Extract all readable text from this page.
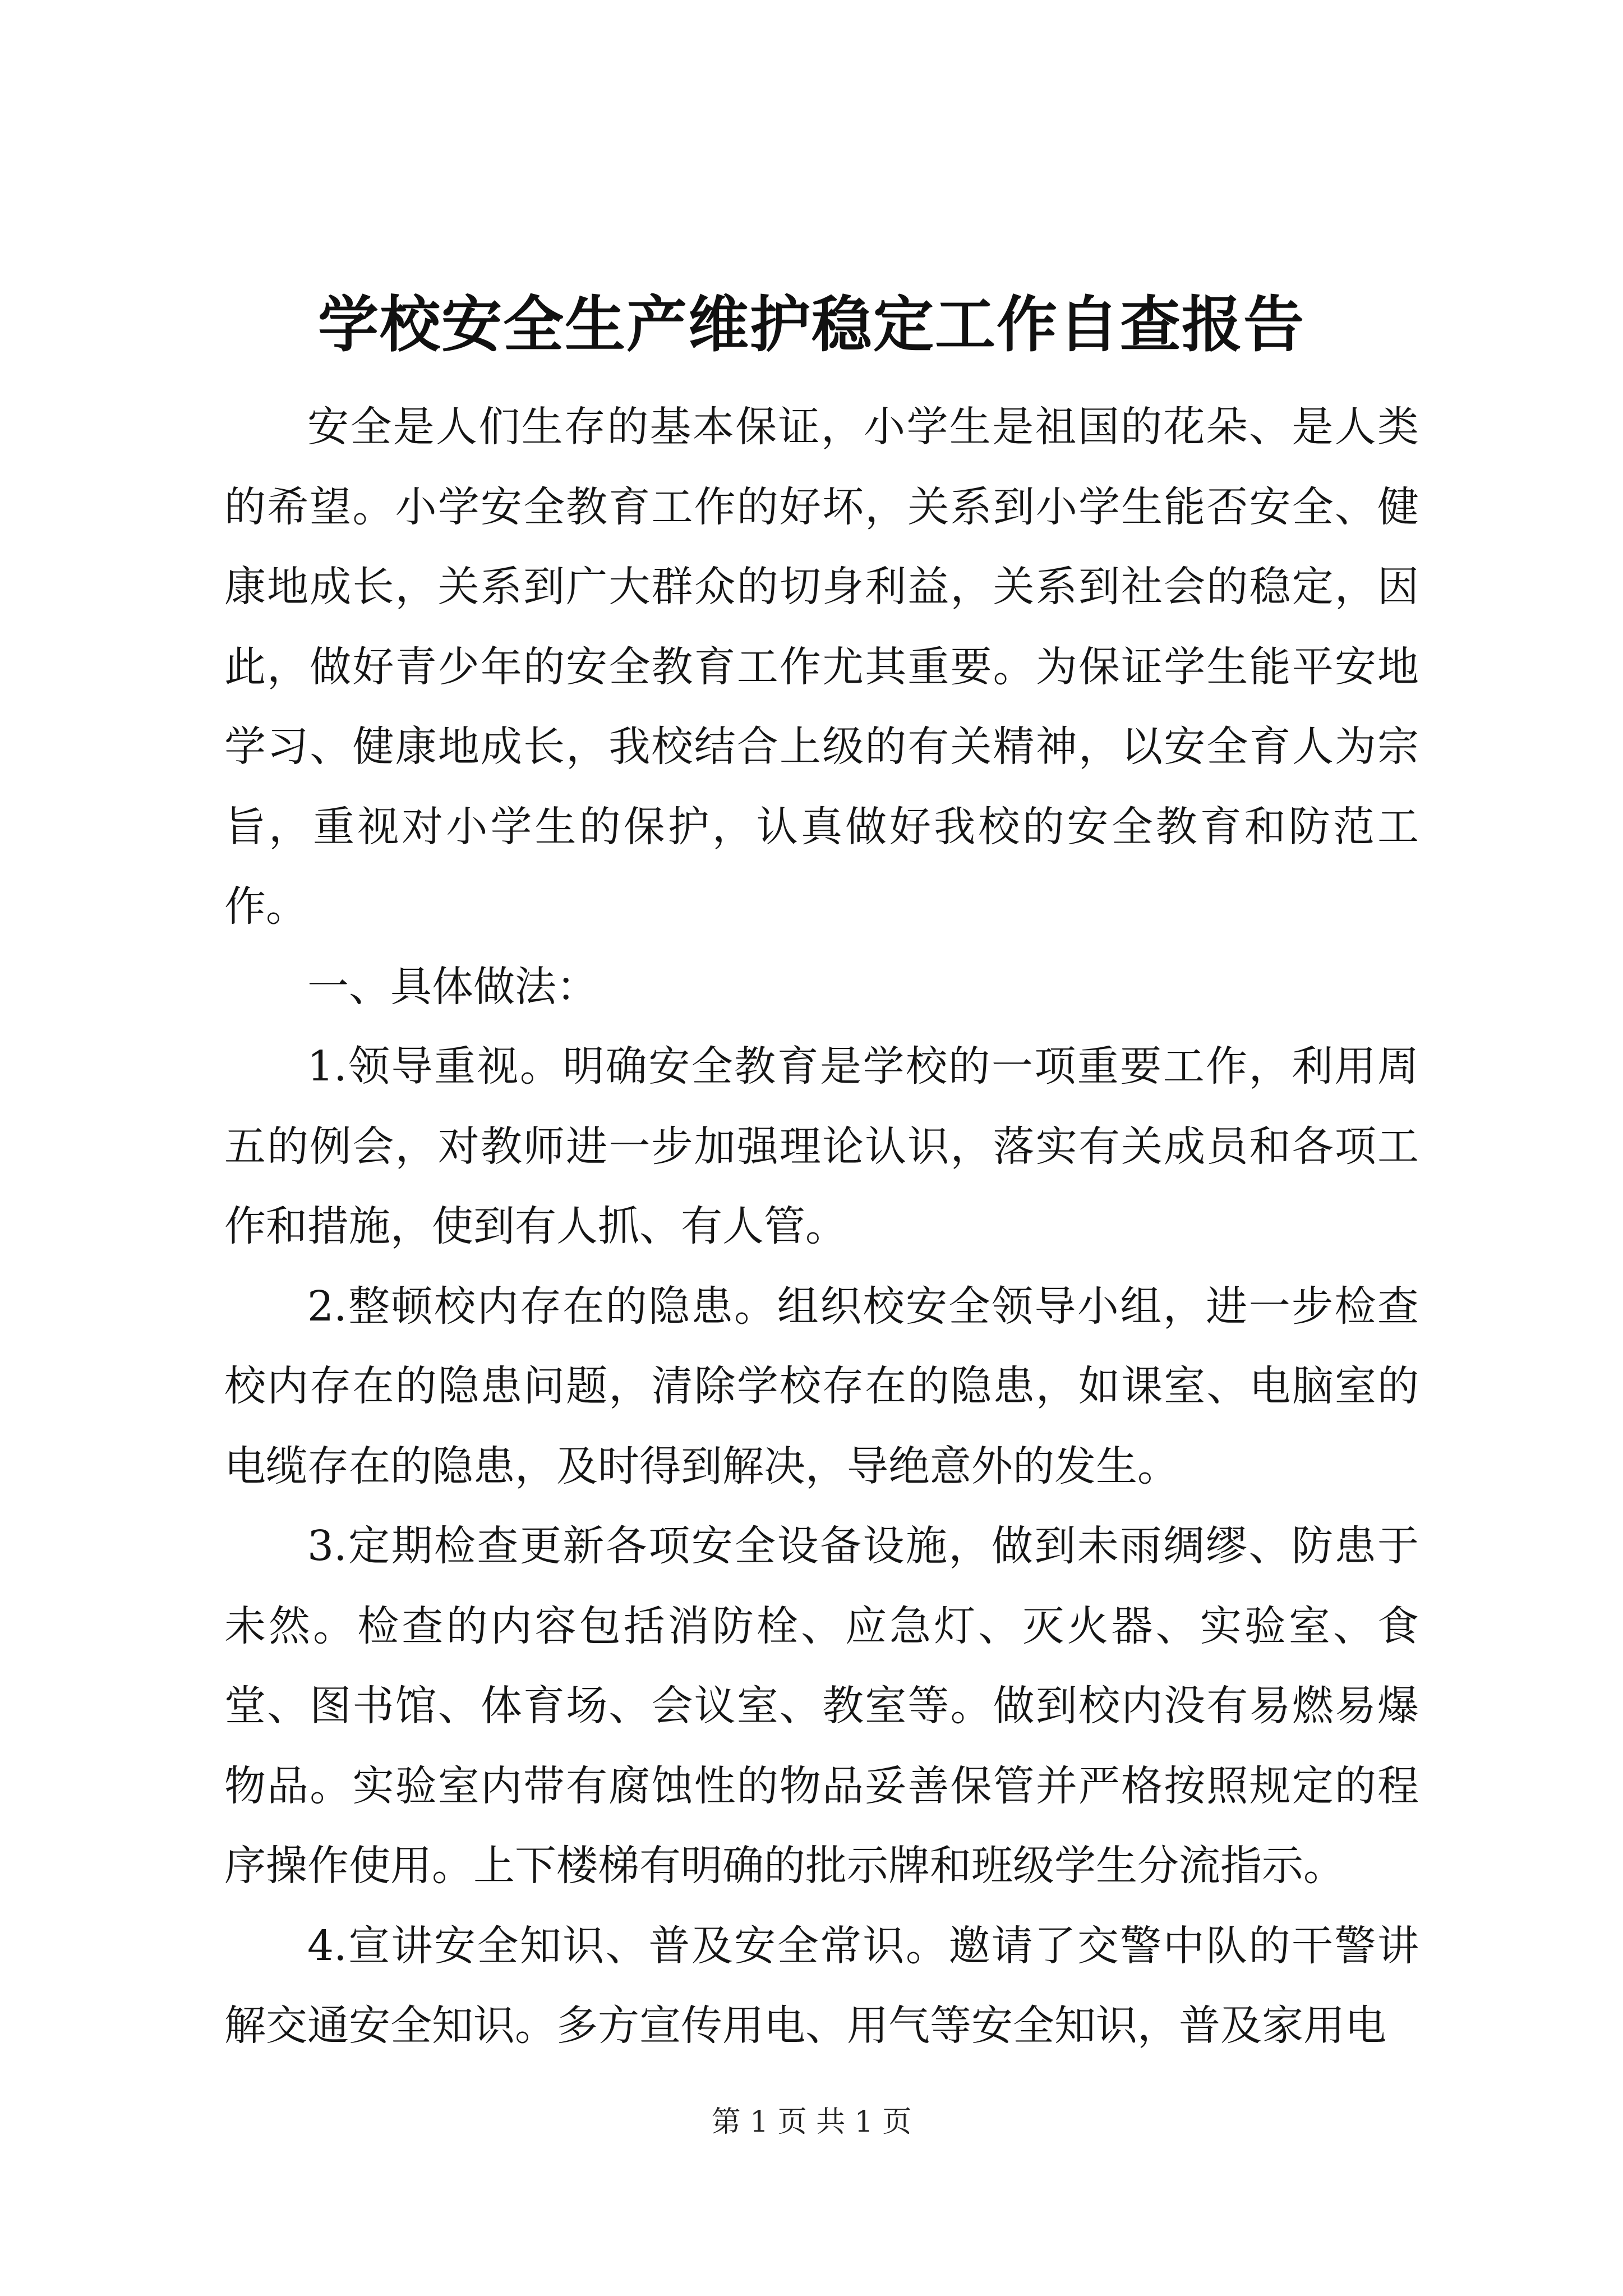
学校安全生产维护稳定工作自查报告

安全是人们生存的基本保证，小学生是祖国的花朵、是人类的希望。小学安全教育工作的好坏，关系到小学生能否安全、健康地成长，关系到广大群众的切身利益，关系到社会的稳定，因此，做好青少年的安全教育工作尤其重要。为保证学生能平安地学习、健康地成长，我校结合上级的有关精神，以安全育人为宗旨，重视对小学生的保护，认真做好我校的安全教育和防范工作。

一、具体做法：

1.领导重视。明确安全教育是学校的一项重要工作，利用周五的例会，对教师进一步加强理论认识，落实有关成员和各项工作和措施，使到有人抓、有人管。

2.整顿校内存在的隐患。组织校安全领导小组，进一步检查校内存在的隐患问题，清除学校存在的隐患，如课室、电脑室的电缆存在的隐患，及时得到解决，导绝意外的发生。

3.定期检查更新各项安全设备设施，做到未雨绸缪、防患于未然。检查的内容包括消防栓、应急灯、灭火器、实验室、食堂、图书馆、体育场、会议室、教室等。做到校内没有易燃易爆物品。实验室内带有腐蚀性的物品妥善保管并严格按照规定的程序操作使用。上下楼梯有明确的批示牌和班级学生分流指示。

4.宣讲安全知识、普及安全常识。邀请了交警中队的干警讲解交通安全知识。多方宣传用电、用气等安全知识，普及家用电

第 1 页 共 1 页
